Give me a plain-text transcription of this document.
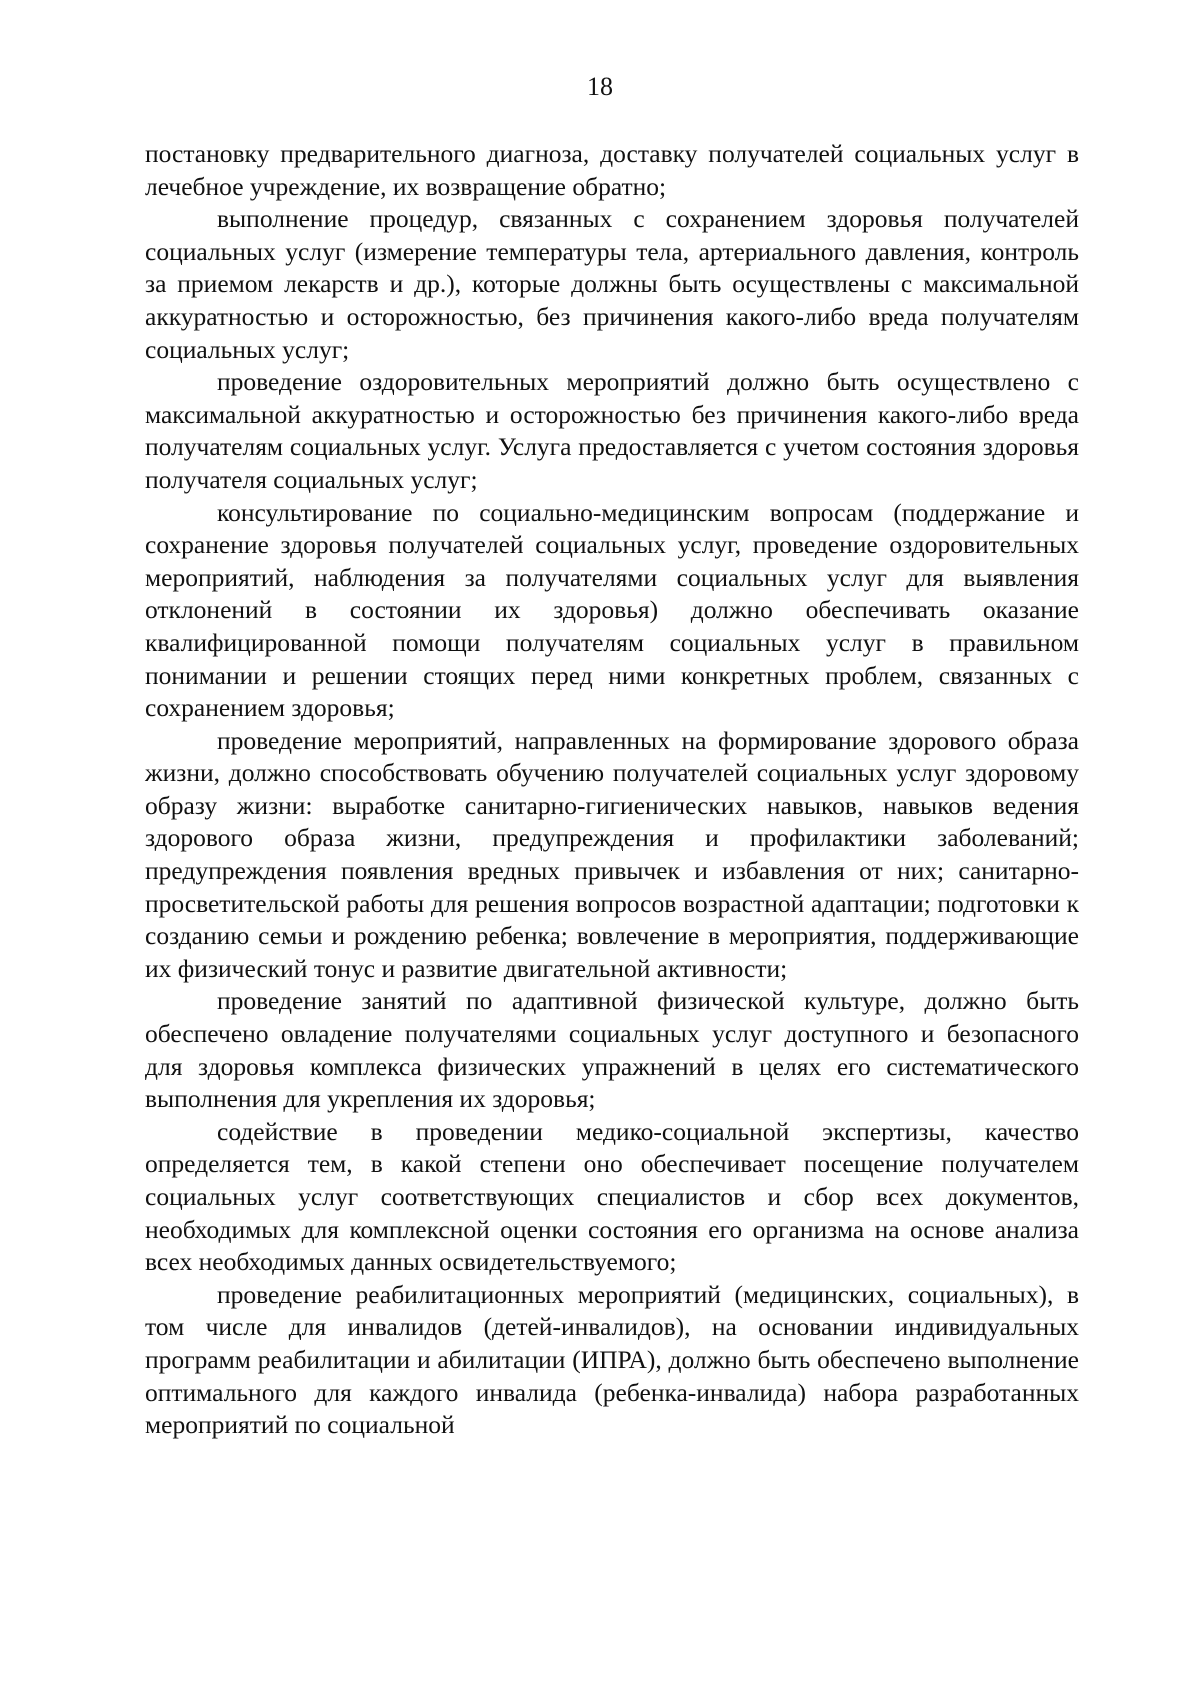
18

постановку предварительного диагноза, доставку получателей социальных услуг в лечебное учреждение, их возвращение обратно;

выполнение процедур, связанных с сохранением здоровья получателей социальных услуг (измерение температуры тела, артериального давления, контроль за приемом лекарств и др.), которые должны быть осуществлены с максимальной аккуратностью и осторожностью, без причинения какого-либо вреда получателям социальных услуг;

проведение оздоровительных мероприятий должно быть осуществлено с максимальной аккуратностью и осторожностью без причинения какого-либо вреда получателям социальных услуг. Услуга предоставляется с учетом состояния здоровья получателя социальных услуг;

консультирование по социально-медицинским вопросам (поддержание и сохранение здоровья получателей социальных услуг, проведение оздоровительных мероприятий, наблюдения за получателями социальных услуг для выявления отклонений в состоянии их здоровья) должно обеспечивать оказание квалифицированной помощи получателям социальных услуг в правильном понимании и решении стоящих перед ними конкретных проблем, связанных с сохранением здоровья;

проведение мероприятий, направленных на формирование здорового образа жизни, должно способствовать обучению получателей социальных услуг здоровому образу жизни: выработке санитарно-гигиенических навыков, навыков ведения здорового образа жизни, предупреждения и профилактики заболеваний; предупреждения появления вредных привычек и избавления от них; санитарно-просветительской работы для решения вопросов возрастной адаптации; подготовки к созданию семьи и рождению ребенка; вовлечение в мероприятия, поддерживающие их физический тонус и развитие двигательной активности;

проведение занятий по адаптивной физической культуре, должно быть обеспечено овладение получателями социальных услуг доступного и безопасного для здоровья комплекса физических упражнений в целях его систематического выполнения для укрепления их здоровья;

содействие в проведении медико-социальной экспертизы, качество определяется тем, в какой степени оно обеспечивает посещение получателем социальных услуг соответствующих специалистов и сбор всех документов, необходимых для комплексной оценки состояния его организма на основе анализа всех необходимых данных освидетельствуемого;

проведение реабилитационных мероприятий (медицинских, социальных), в том числе для инвалидов (детей-инвалидов), на основании индивидуальных программ реабилитации и абилитации (ИПРА), должно быть обеспечено выполнение оптимального для каждого инвалида (ребенка-инвалида) набора разработанных мероприятий по социальной
